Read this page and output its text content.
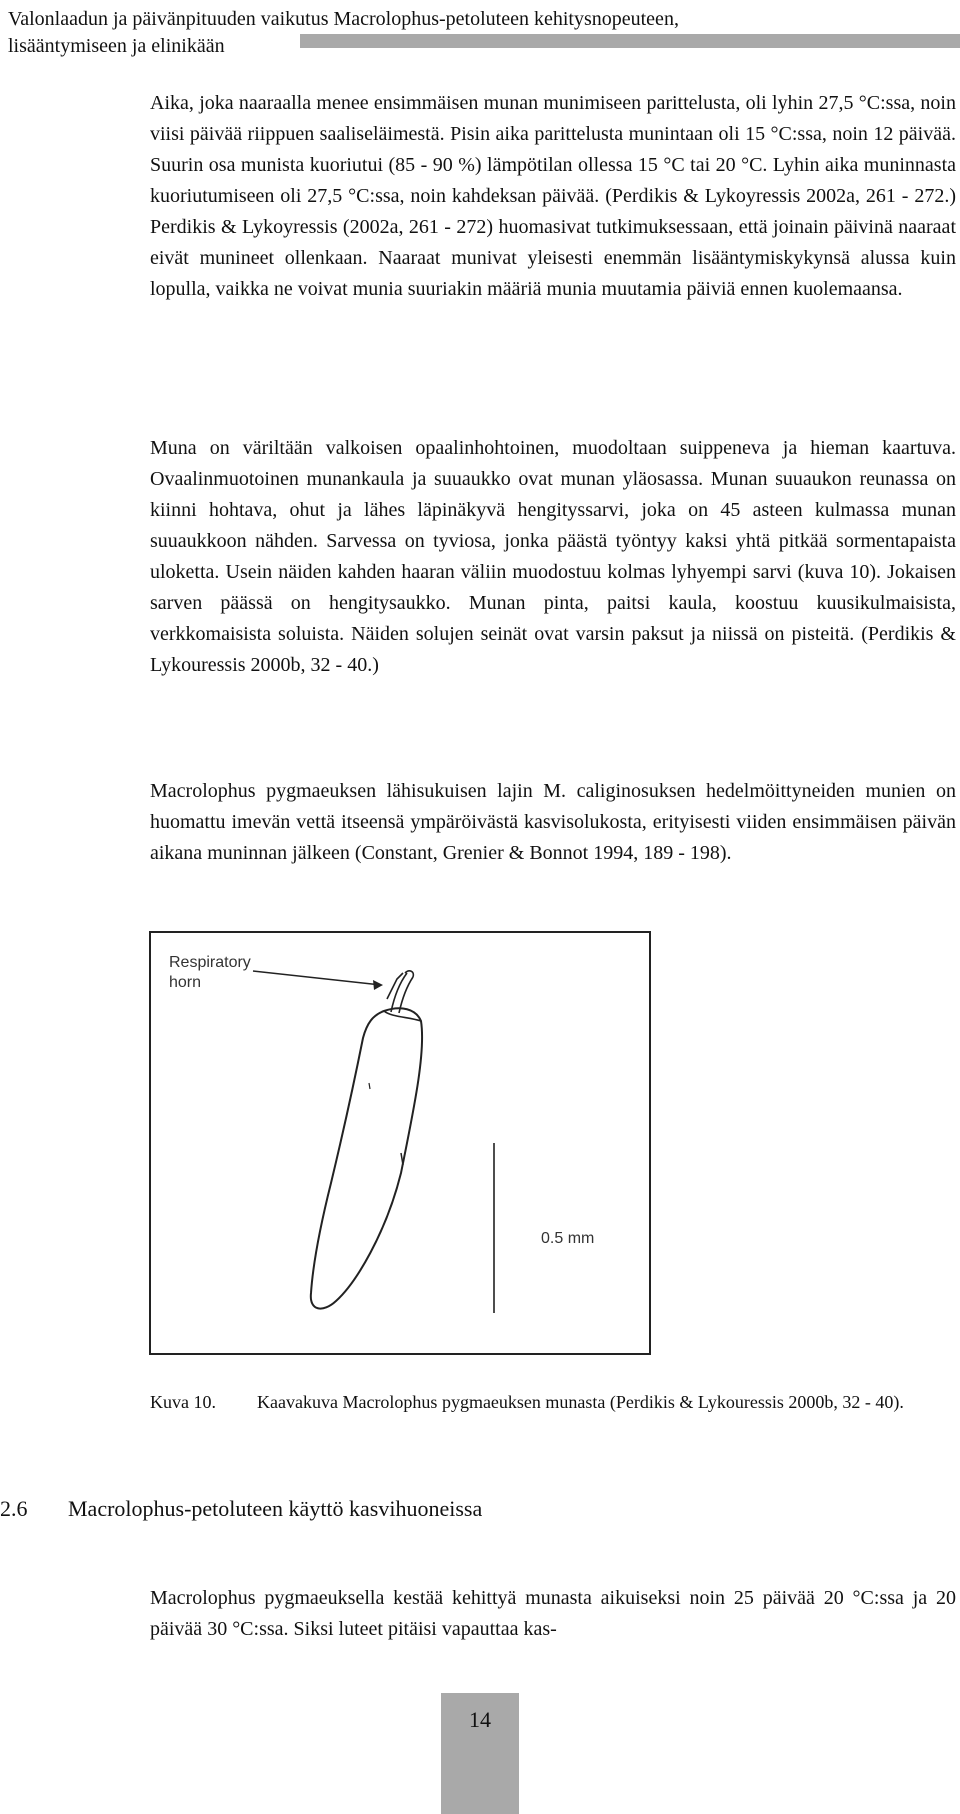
Valonlaadun ja päivänpituuden vaikutus Macrolophus-petoluteen kehitysnopeuteen,
lisääntymiseen ja elinikään

Aika, joka naaraalla menee ensimmäisen munan munimiseen parittelusta, oli lyhin 27,5 °C:ssa, noin viisi päivää riippuen saaliseläimestä. Pisin aika parittelusta munintaan oli 15 °C:ssa, noin 12 päivää. Suurin osa munista kuoriutui (85 - 90 %) lämpötilan ollessa 15 °C tai 20 °C. Lyhin aika muninnasta kuoriutumiseen oli 27,5 °C:ssa, noin kahdeksan päivää. (Perdikis & Lykoyressis 2002a, 261 - 272.) Perdikis & Lykoyressis (2002a, 261 - 272) huomasivat tutkimuksessaan, että joinain päivinä naaraat eivät munineet ollenkaan. Naaraat munivat yleisesti enemmän lisääntymiskykynsä alussa kuin lopulla, vaikka ne voivat munia suuriakin määriä munia muutamia päiviä ennen kuolemaansa.

Muna on väriltään valkoisen opaalinhohtoinen, muodoltaan suippeneva ja hieman kaartuva. Ovaalinmuotoinen munankaula ja suuaukko ovat munan yläosassa. Munan suuaukon reunassa on kiinni hohtava, ohut ja lähes läpinäkyvä hengityssarvi, joka on 45 asteen kulmassa munan suuaukkoon nähden. Sarvessa on tyviosa, jonka päästä työntyy kaksi yhtä pitkää sormentapaista uloketta. Usein näiden kahden haaran väliin muodostuu kolmas lyhyempi sarvi (kuva 10). Jokaisen sarven päässä on hengitysaukko. Munan pinta, paitsi kaula, koostuu kuusikulmaisista, verkkomaisista soluista. Näiden solujen seinät ovat varsin paksut ja niissä on pisteitä. (Perdikis & Lykouressis 2000b, 32 - 40.)

Macrolophus pygmaeuksen lähisukuisen lajin M. caliginosuksen hedelmöittyneiden munien on huomattu imevän vettä itseensä ympäröivästä kasvisolukosta, erityisesti viiden ensimmäisen päivän aikana muninnan jälkeen (Constant, Grenier & Bonnot 1994, 189 - 198).

Respiratory
horn
0.5 mm
Kuva 10. Kaavakuva Macrolophus pygmaeuksen munasta (Perdikis & Lykouressis 2000b, 32 - 40).
2.6 Macrolophus-petoluteen käyttö kasvihuoneissa

Macrolophus pygmaeuksella kestää kehittyä munasta aikuiseksi noin 25 päivää 20 °C:ssa ja 20 päivää 30 °C:ssa. Siksi luteet pitäisi vapauttaa kas-

14
